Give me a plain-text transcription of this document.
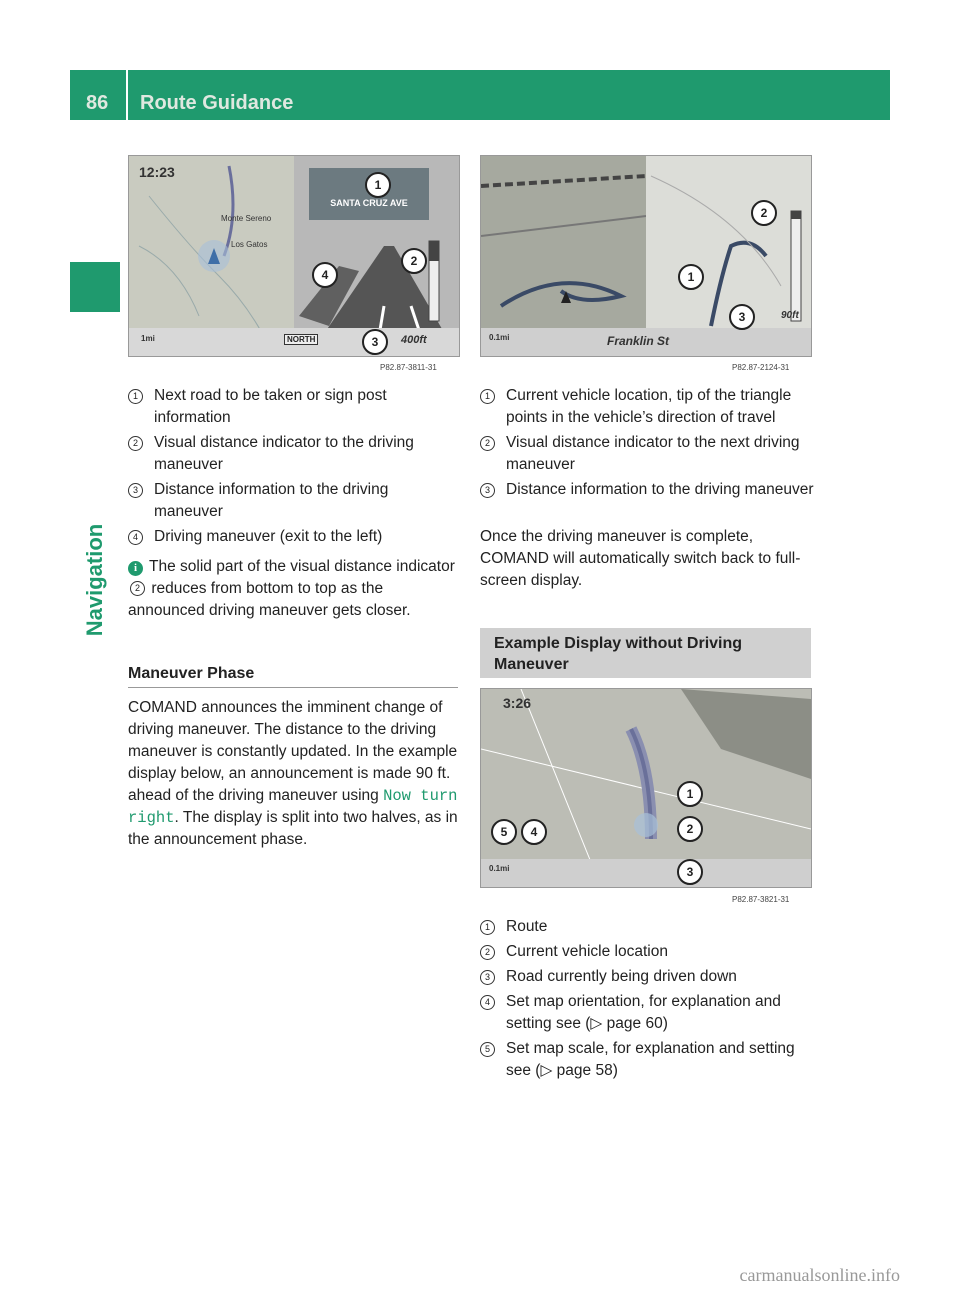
86 Route Guidance
Navigation
12:23
Monte Sereno
Los Gatos
SANTA CRUZ AVE
1mi	NORTH	400ft
1
2
3
4
P82.87-3811-31
0.1mi	Franklin St
90ft
1
2
3
P82.87-2124-31
1	Next road to be taken or sign post information
2	Visual distance indicator to the driving maneuver
3	Distance information to the driving maneuver
4	Driving maneuver (exit to the left)
i The solid part of the visual distance indicator 2 reduces from bottom to top as the announced driving maneuver gets closer.
Maneuver Phase
COMAND announces the imminent change of driving maneuver. The distance to the driving maneuver is constantly updated. In the example display below, an announcement is made 90 ft. ahead of the driving maneuver using Now turn right. The display is split into two halves, as in the announcement phase.
1	Current vehicle location, tip of the triangle points in the vehicle’s direction of travel
2	Visual distance indicator to the next driving maneuver
3	Distance information to the driving maneuver
Once the driving maneuver is complete, COMAND will automatically switch back to full-screen display.
Example Display without Driving Maneuver
3:26
0.1mi
1
2
3
4
5
P82.87-3821-31
1	Route
2	Current vehicle location
3	Road currently being driven down
4	Set map orientation, for explanation and setting see (▷ page 60)
5	Set map scale, for explanation and setting see (▷ page 58)
carmanualsonline.info
